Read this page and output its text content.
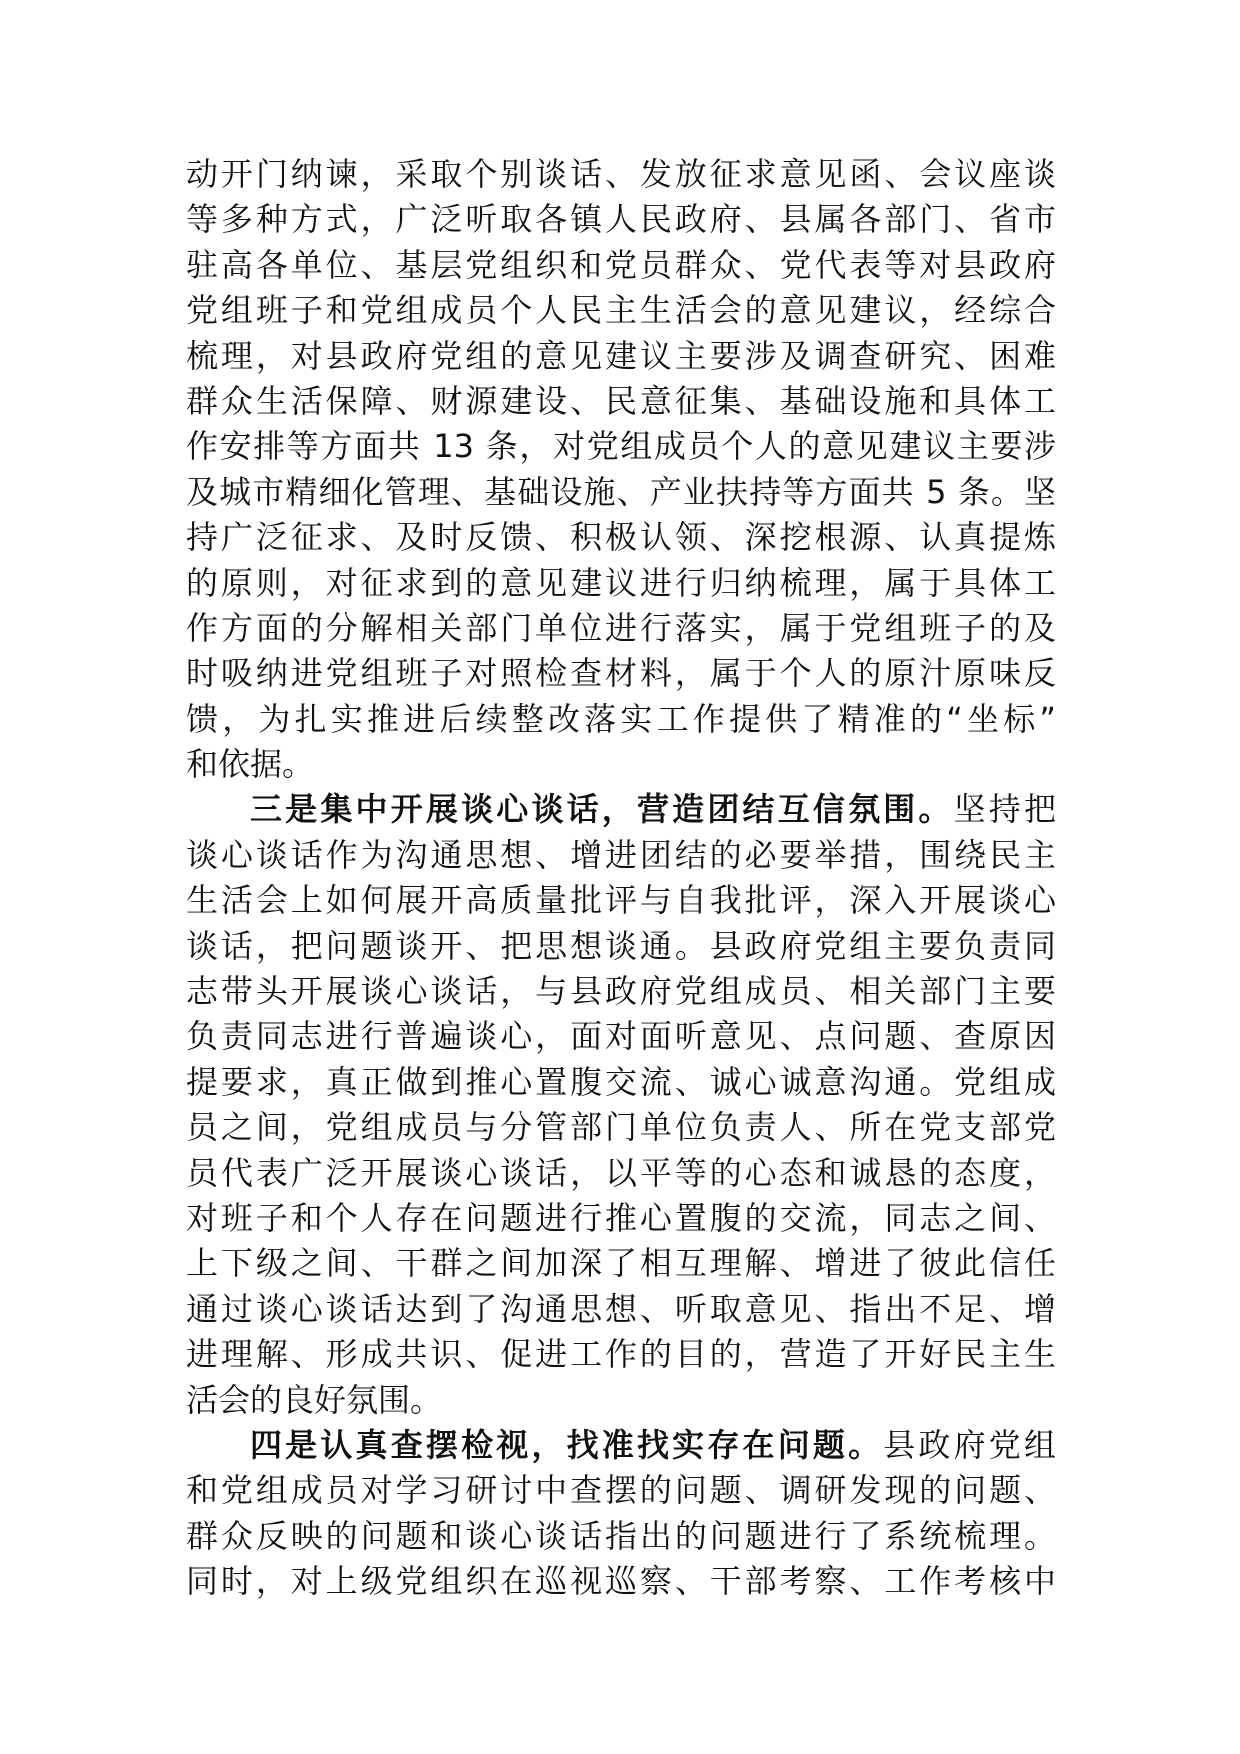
动开门纳谏，采取个别谈话、发放征求意见函、会议座谈
等多种方式，广泛听取各镇人民政府、县属各部门、省市
驻高各单位、基层党组织和党员群众、党代表等对县政府
党组班子和党组成员个人民主生活会的意见建议，经综合
梳理，对县政府党组的意见建议主要涉及调查研究、困难
群众生活保障、财源建设、民意征集、基础设施和具体工
作安排等方面共 13 条，对党组成员个人的意见建议主要涉
及城市精细化管理、基础设施、产业扶持等方面共 5 条。坚
持广泛征求、及时反馈、积极认领、深挖根源、认真提炼
的原则，对征求到的意见建议进行归纳梳理，属于具体工
作方面的分解相关部门单位进行落实，属于党组班子的及
时吸纳进党组班子对照检查材料，属于个人的原汁原味反
馈，为扎实推进后续整改落实工作提供了精准的“坐标”
和依据。
三是集中开展谈心谈话，营造团结互信氛围。坚持把
谈心谈话作为沟通思想、增进团结的必要举措，围绕民主
生活会上如何展开高质量批评与自我批评，深入开展谈心
谈话，把问题谈开、把思想谈通。县政府党组主要负责同
志带头开展谈心谈话，与县政府党组成员、相关部门主要
负责同志进行普遍谈心，面对面听意见、点问题、查原因
提要求，真正做到推心置腹交流、诚心诚意沟通。党组成
员之间，党组成员与分管部门单位负责人、所在党支部党
员代表广泛开展谈心谈话，以平等的心态和诚恳的态度，
对班子和个人存在问题进行推心置腹的交流，同志之间、
上下级之间、干群之间加深了相互理解、增进了彼此信任
通过谈心谈话达到了沟通思想、听取意见、指出不足、增
进理解、形成共识、促进工作的目的，营造了开好民主生
活会的良好氛围。
四是认真查摆检视，找准找实存在问题。县政府党组
和党组成员对学习研讨中查摆的问题、调研发现的问题、
群众反映的问题和谈心谈话指出的问题进行了系统梳理。
同时，对上级党组织在巡视巡察、干部考察、工作考核中
